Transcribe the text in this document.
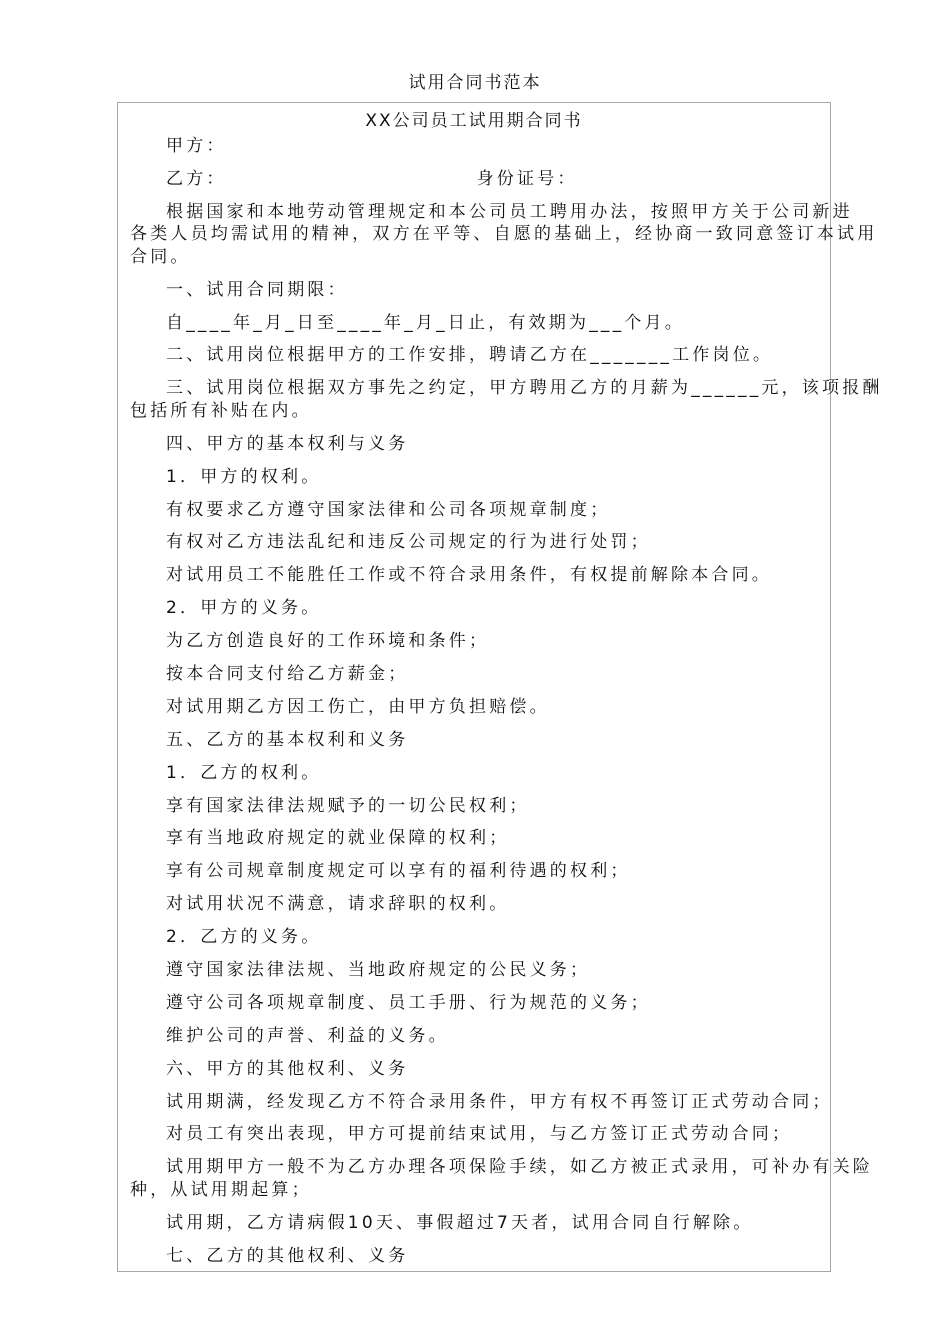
试用合同书范本
XX公司员工试用期合同书
甲方：
乙方：	身份证号：
根据国家和本地劳动管理规定和本公司员工聘用办法，按照甲方关于公司新进
各类人员均需试用的精神，双方在平等、自愿的基础上，经协商一致同意签订本试用
合同。
一、试用合同期限：
自____年_月_日至____年_月_日止，有效期为___个月。
二、试用岗位根据甲方的工作安排，聘请乙方在_______工作岗位。
三、试用岗位根据双方事先之约定，甲方聘用乙方的月薪为______元，该项报酬
包括所有补贴在内。
四、甲方的基本权利与义务
1．甲方的权利。
有权要求乙方遵守国家法律和公司各项规章制度；
有权对乙方违法乱纪和违反公司规定的行为进行处罚；
对试用员工不能胜任工作或不符合录用条件，有权提前解除本合同。
2．甲方的义务。
为乙方创造良好的工作环境和条件；
按本合同支付给乙方薪金；
对试用期乙方因工伤亡，由甲方负担赔偿。
五、乙方的基本权利和义务
1．乙方的权利。
享有国家法律法规赋予的一切公民权利；
享有当地政府规定的就业保障的权利；
享有公司规章制度规定可以享有的福利待遇的权利；
对试用状况不满意，请求辞职的权利。
2．乙方的义务。
遵守国家法律法规、当地政府规定的公民义务；
遵守公司各项规章制度、员工手册、行为规范的义务；
维护公司的声誉、利益的义务。
六、甲方的其他权利、义务
试用期满，经发现乙方不符合录用条件，甲方有权不再签订正式劳动合同；
对员工有突出表现，甲方可提前结束试用，与乙方签订正式劳动合同；
试用期甲方一般不为乙方办理各项保险手续，如乙方被正式录用，可补办有关险
种，从试用期起算；
试用期，乙方请病假10天、事假超过7天者，试用合同自行解除。
七、乙方的其他权利、义务
